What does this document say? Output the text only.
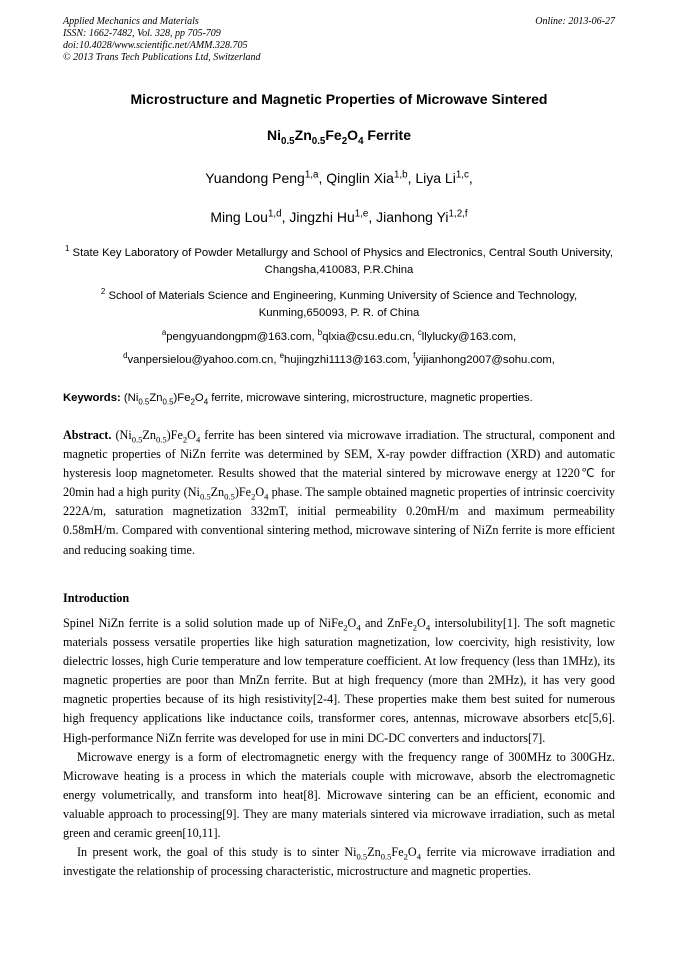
Applied Mechanics and Materials
ISSN: 1662-7482, Vol. 328, pp 705-709
doi:10.4028/www.scientific.net/AMM.328.705
© 2013 Trans Tech Publications Ltd, Switzerland
Online: 2013-06-27
Microstructure and Magnetic Properties of Microwave Sintered
$Ni_{0.5}Zn_{0.5}Fe_2O_4$ Ferrite
Yuandong Peng$^{1,a}$, Qinglin Xia$^{1,b}$, Liya Li$^{1,c}$,
Ming Lou$^{1,d}$, Jingzhi Hu$^{1,e}$, Jianhong Yi$^{1,2,f}$
$^1$ State Key Laboratory of Powder Metallurgy and School of Physics and Electronics, Central South University, Changsha,410083, P.R.China
$^2$ School of Materials Science and Engineering, Kunming University of Science and Technology, Kunming,650093, P. R. of China
$^a$pengyuandongpm@163.com, $^b$qlxia@csu.edu.cn, $^c$llylucky@163.com,
$^d$vanpersielou@yahoo.com.cn, $^e$hujingzhi1113@163.com, $^f$yijianhong2007@sohu.com,
Keywords: $(Ni_{0.5}Zn_{0.5})Fe_2O_4$ ferrite, microwave sintering, microstructure, magnetic properties.
Abstract. $(Ni_{0.5}Zn_{0.5})Fe_2O_4$ ferrite has been sintered via microwave irradiation. The structural, component and magnetic properties of NiZn ferrite was determined by SEM, X-ray powder diffraction (XRD) and automatic hysteresis loop magnetometer. Results showed that the material sintered by microwave energy at 1220℃ for 20min had a high purity $(Ni_{0.5}Zn_{0.5})Fe_2O_4$ phase. The sample obtained magnetic properties of intrinsic coercivity 222A/m, saturation magnetization 332mT, initial permeability 0.20mH/m and maximum permeability 0.58mH/m. Compared with conventional sintering method, microwave sintering of NiZn ferrite is more efficient and reducing soaking time.
Introduction

Spinel NiZn ferrite is a solid solution made up of $NiFe_2O_4$ and $ZnFe_2O_4$ intersolubility[1]. The soft magnetic materials possess versatile properties like high saturation magnetization, low coercivity, high resistivity, low dielectric losses, high Curie temperature and low temperature coefficient. At low frequency (less than 1MHz), its magnetic properties are poor than MnZn ferrite. But at high frequency (more than 2MHz), it has very good magnetic properties because of its high resistivity[2-4]. These properties make them best suited for numerous high frequency applications like inductance coils, transformer cores, antennas, microwave absorbers etc[5,6]. High-performance NiZn ferrite was developed for use in mini DC-DC converters and inductors[7].

Microwave energy is a form of electromagnetic energy with the frequency range of 300MHz to 300GHz. Microwave heating is a process in which the materials couple with microwave, absorb the electromagnetic energy volumetrically, and transform into heat[8]. Microwave sintering can be an efficient, economic and valuable approach to processing[9]. They are many materials sintered via microwave irradiation, such as metal green and ceramic green[10,11].

In present work, the goal of this study is to sinter $Ni_{0.5}Zn_{0.5}Fe_2O_4$ ferrite via microwave irradiation and investigate the relationship of processing characteristic, microstructure and magnetic properties.
